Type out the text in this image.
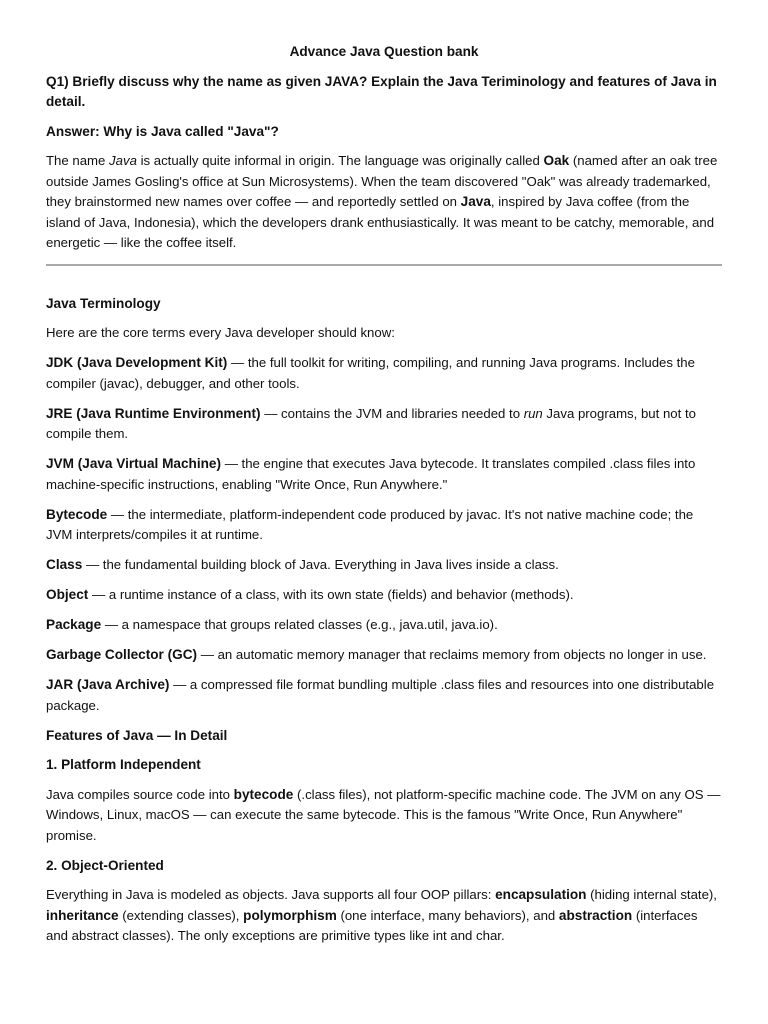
Advance Java Question bank
Q1) Briefly discuss why the name as given JAVA? Explain the Java Teriminology and features of Java in detail.
Answer: Why is Java called "Java"?

The name Java is actually quite informal in origin. The language was originally called Oak (named after an oak tree outside James Gosling's office at Sun Microsystems). When the team discovered "Oak" was already trademarked, they brainstormed new names over coffee — and reportedly settled on Java, inspired by Java coffee (from the island of Java, Indonesia), which the developers drank enthusiastically. It was meant to be catchy, memorable, and energetic — like the coffee itself.

Java Terminology

Here are the core terms every Java developer should know:

JDK (Java Development Kit) — the full toolkit for writing, compiling, and running Java programs. Includes the compiler (javac), debugger, and other tools.

JRE (Java Runtime Environment) — contains the JVM and libraries needed to run Java programs, but not to compile them.

JVM (Java Virtual Machine) — the engine that executes Java bytecode. It translates compiled .class files into machine-specific instructions, enabling "Write Once, Run Anywhere."

Bytecode — the intermediate, platform-independent code produced by javac. It's not native machine code; the JVM interprets/compiles it at runtime.

Class — the fundamental building block of Java. Everything in Java lives inside a class.

Object — a runtime instance of a class, with its own state (fields) and behavior (methods).

Package — a namespace that groups related classes (e.g., java.util, java.io).

Garbage Collector (GC) — an automatic memory manager that reclaims memory from objects no longer in use.

JAR (Java Archive) — a compressed file format bundling multiple .class files and resources into one distributable package.

Features of Java — In Detail
1. Platform Independent

Java compiles source code into bytecode (.class files), not platform-specific machine code. The JVM on any OS — Windows, Linux, macOS — can execute the same bytecode. This is the famous "Write Once, Run Anywhere" promise.

2. Object-Oriented

Everything in Java is modeled as objects. Java supports all four OOP pillars: encapsulation (hiding internal state), inheritance (extending classes), polymorphism (one interface, many behaviors), and abstraction (interfaces and abstract classes). The only exceptions are primitive types like int and char.
